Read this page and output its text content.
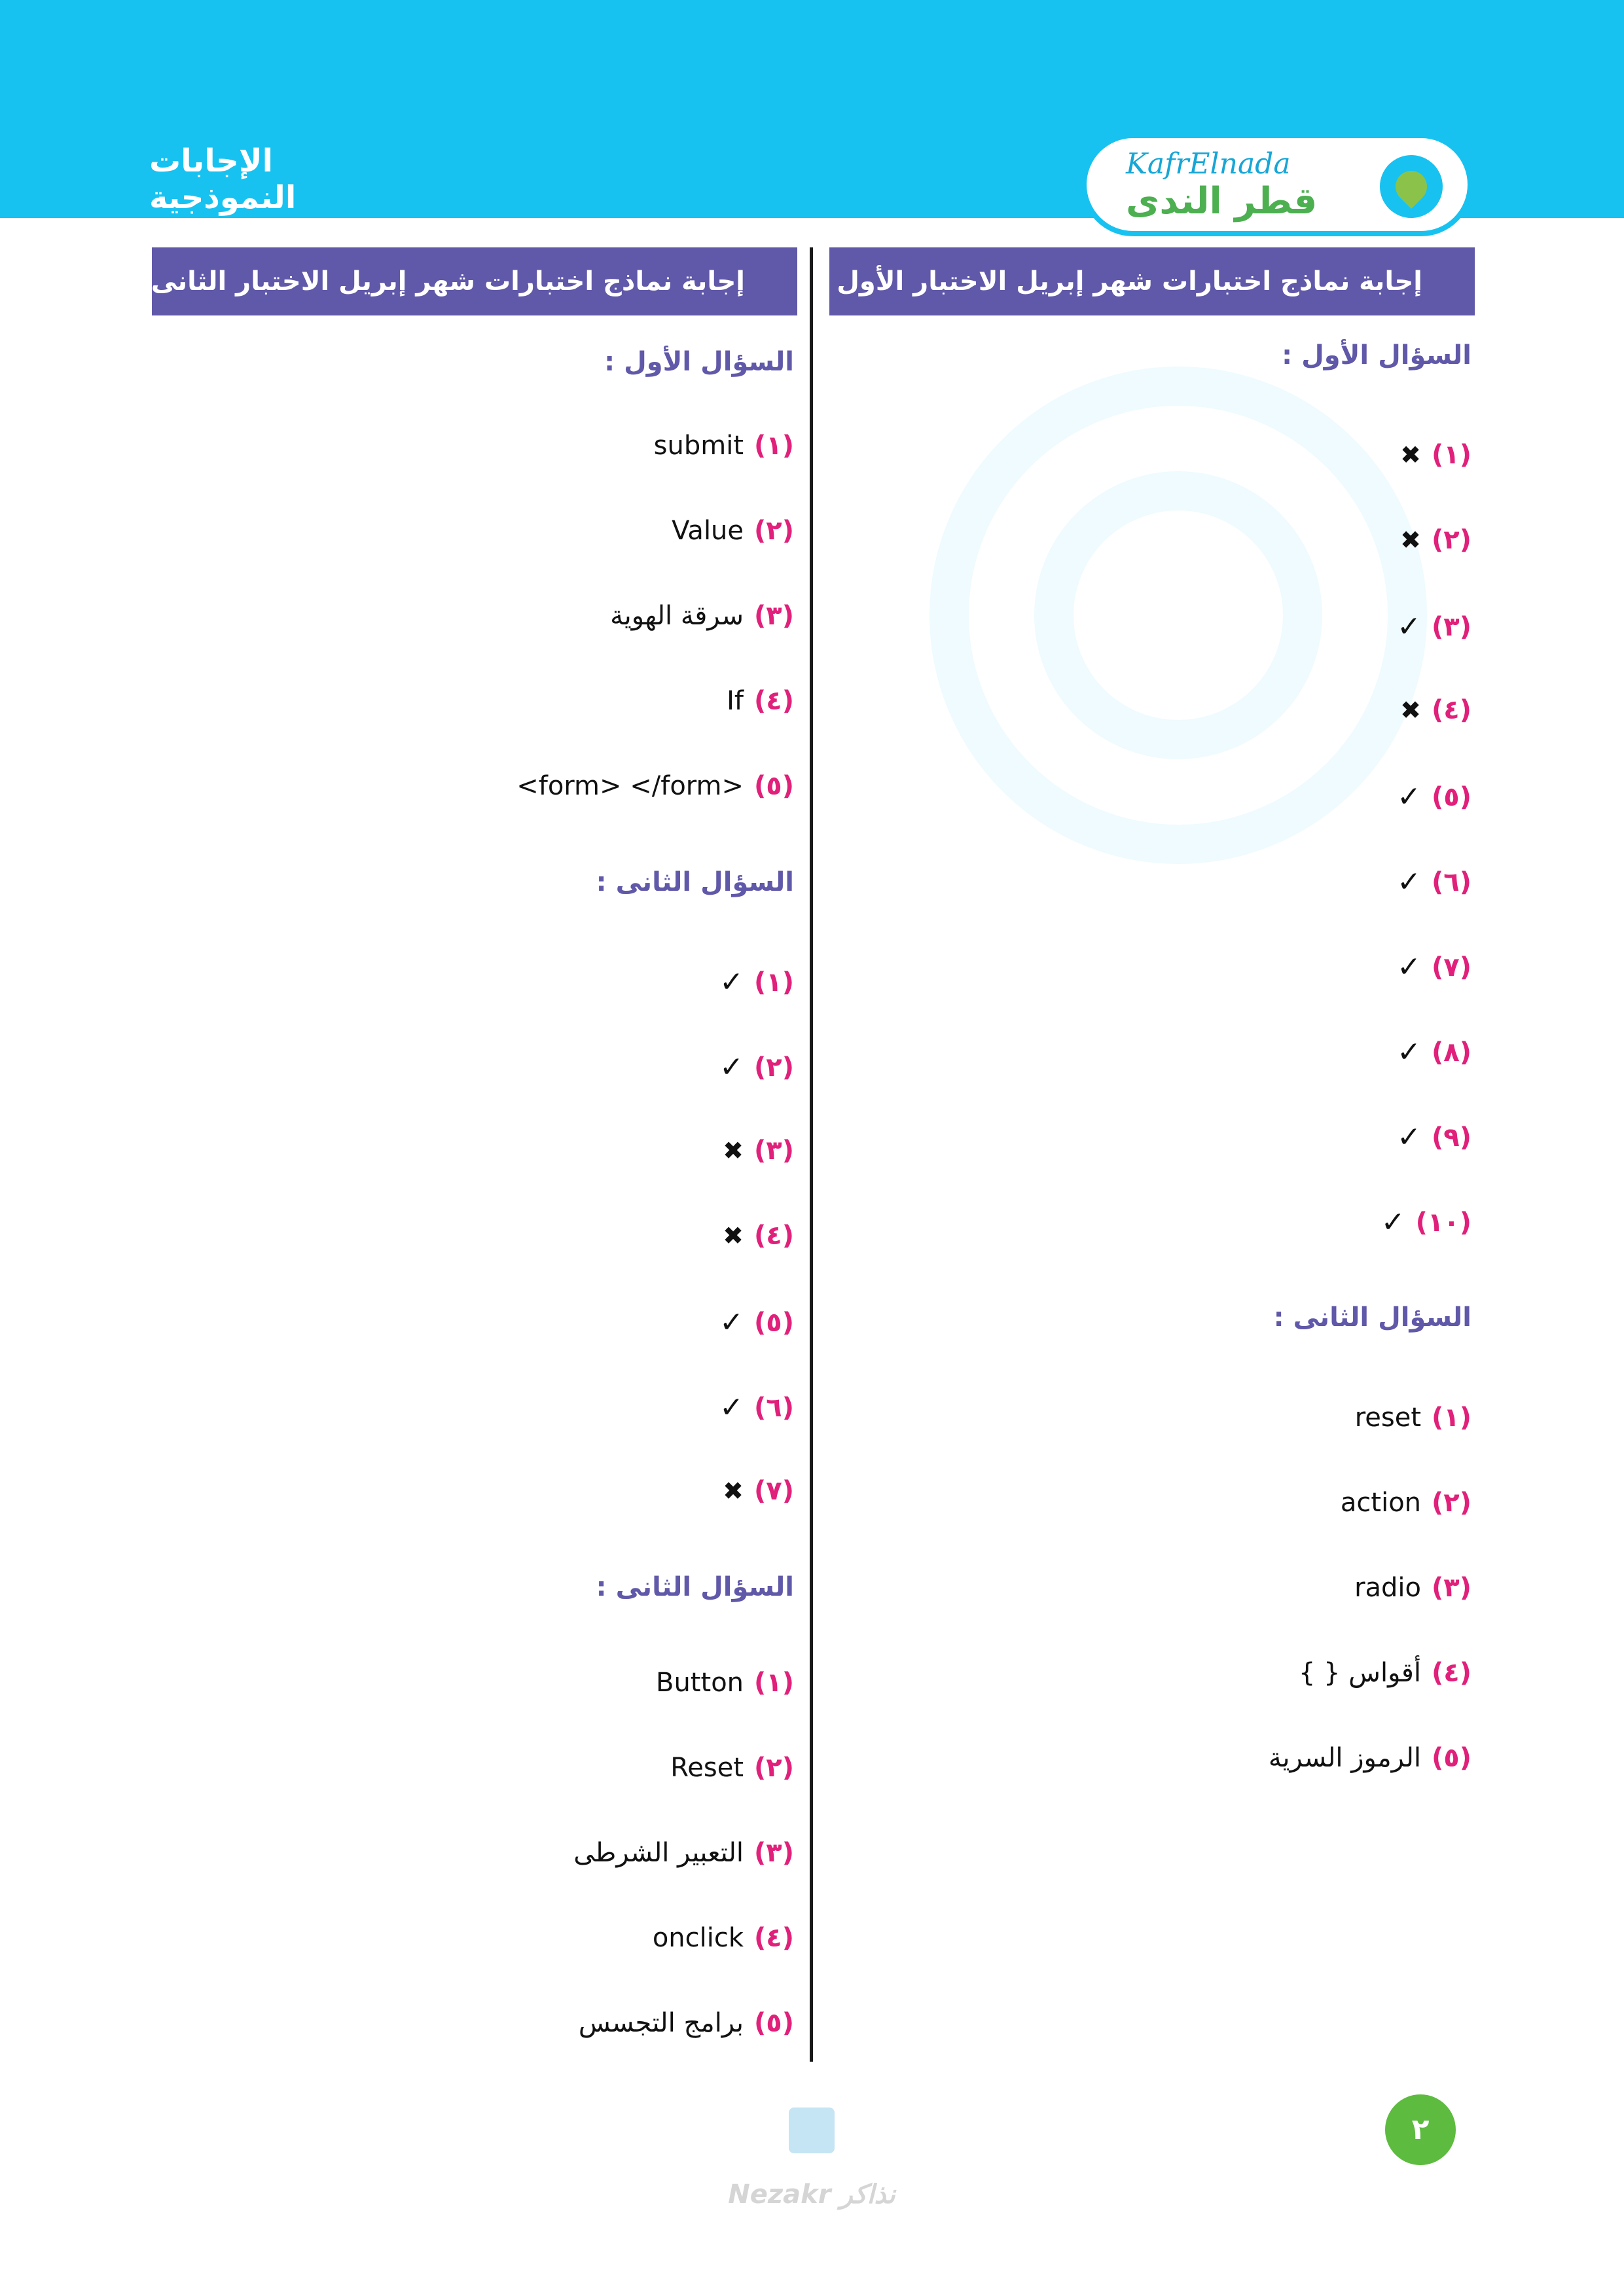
الإجابات النموذجية
KafrElnada
قطر الندى
إجابة نماذج اختبارات شهر إبريل الاختبار الأول
إجابة نماذج اختبارات شهر إبريل الاختبار الثانى
السؤال الأول :
(١)
✖
(٢)
✖
(٣)
✓
(٤)
✖
(٥)
✓
(٦)
✓
(٧)
✓
(٨)
✓
(٩)
✓
(١٠)
✓
السؤال الثانى :
(١)
reset
(٢)
action
(٣)
radio
(٤)
أقواس { }
(٥)
الرموز السرية
السؤال الأول :
(١)
submit
(٢)
Value
(٣)
سرقة الهوية
(٤)
If
(٥)
<form> </form>
السؤال الثانى :
(١)
✓
(٢)
✓
(٣)
✖
(٤)
✖
(٥)
✓
(٦)
✓
(٧)
✖
السؤال الثانى :
(١)
Button
(٢)
Reset
(٣)
التعبير الشرطى
(٤)
onclick
(٥)
برامج التجسس
٢
Nezakr نذاكر
